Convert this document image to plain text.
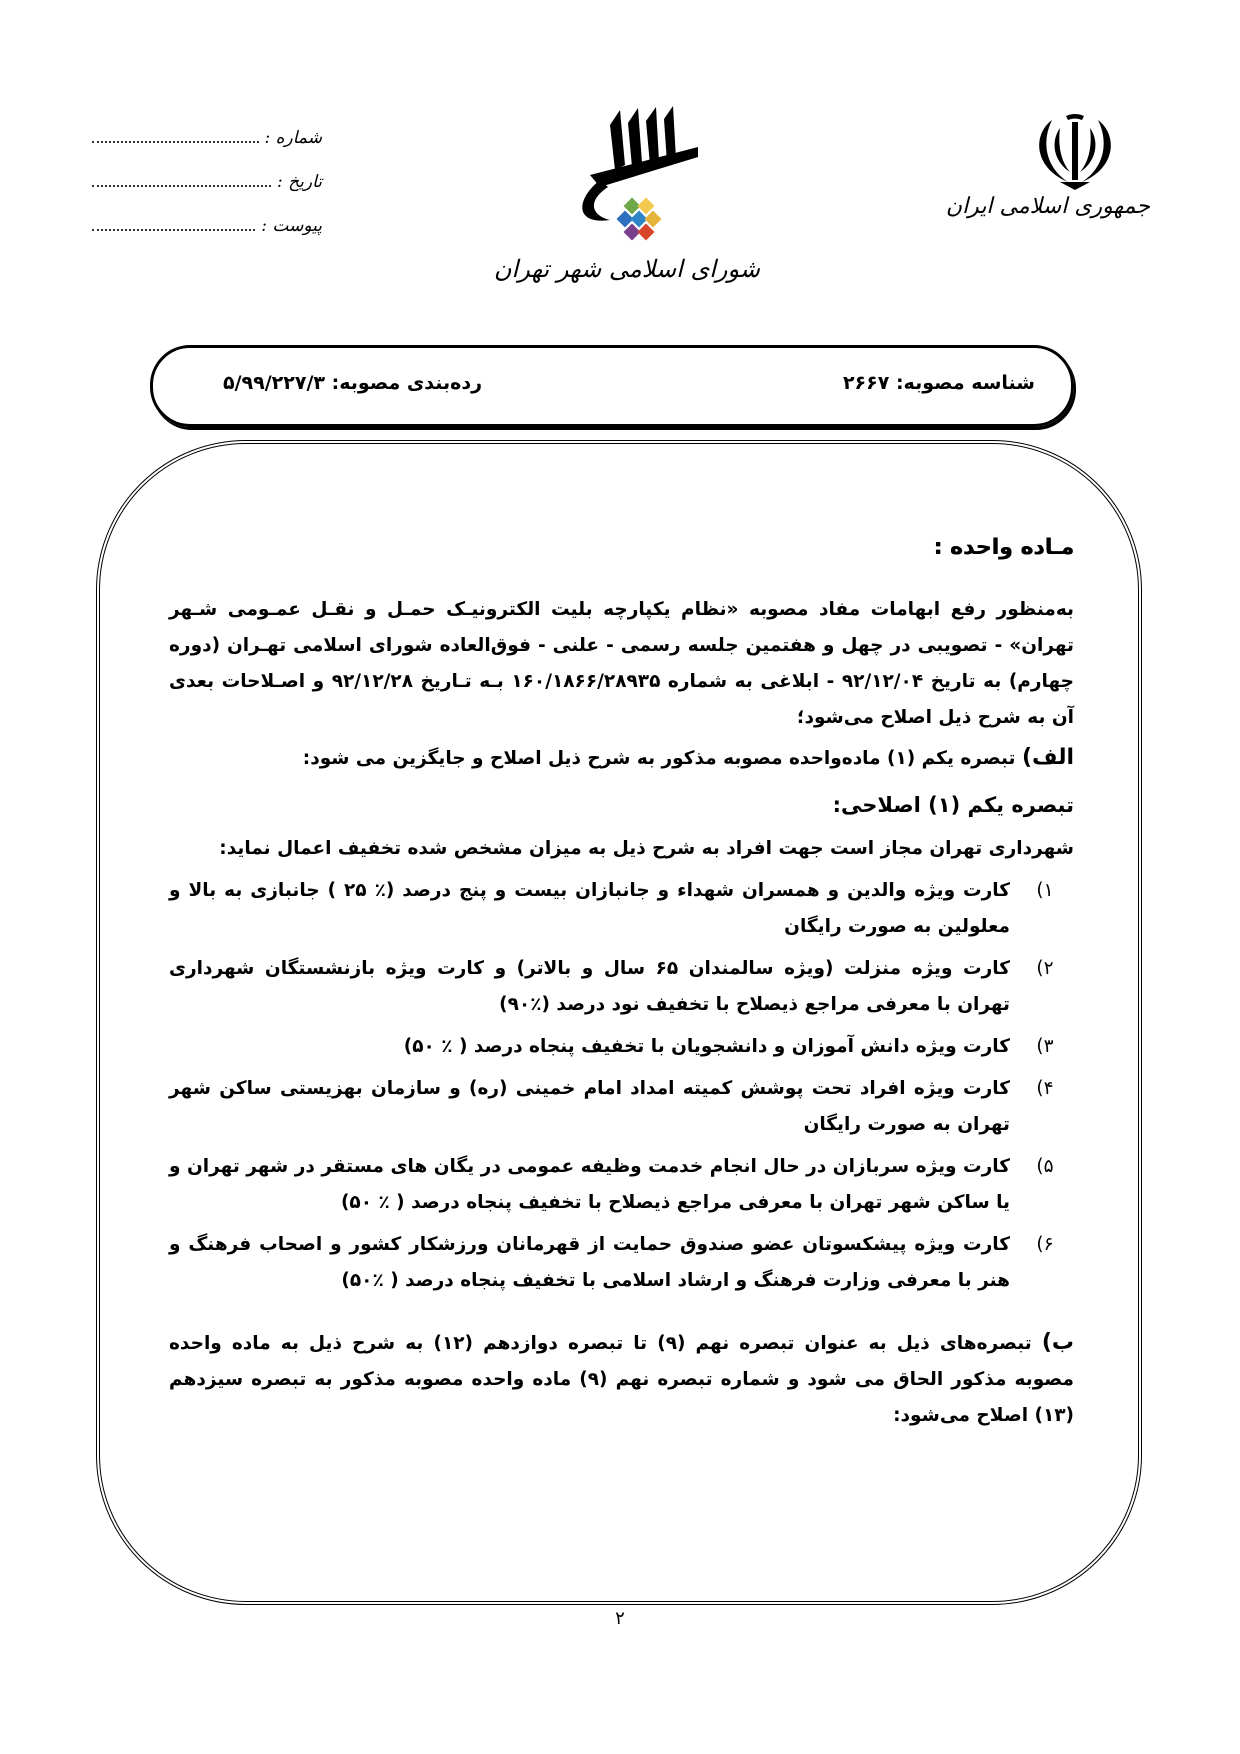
جمهوری اسلامی ایران
شورای اسلامی شهر تهران
شماره :
تاریخ :
پیوست :
شناسه مصوبه: ۲۶۶۷
رده‌بندی مصوبه: ۵/۹۹/۲۲۷/۳
مـاده واحده :

به‌منظور رفع ابهامات مفاد مصوبه «نظام یکپارچه بلیت الکترونیـک حمـل و نقـل عمـومی شـهر تهران» - تصویبی در چهل و هفتمین جلسه رسمی - علنی - فوق‌العاده شورای اسلامی تهـران (دوره چهارم) به تاریخ ۹۲/۱۲/۰۴ - ابلاغی به شماره ۱۶۰/۱۸۶۶/۲۸۹۳۵ بـه تـاریخ ۹۲/۱۲/۲۸ و اصـلاحات بعدی آن به شرح ذیل اصلاح می‌شود؛

الف) تبصره یکم (۱) ماده‌واحده مصوبه مذکور به شرح ذیل اصلاح و جایگزین می شود:

تبصره یکم (۱) اصلاحی:
شهرداری تهران مجاز است جهت افراد به شرح ذیل به میزان مشخص شده تخفیف اعمال نماید:
۱)
کارت ویژه والدین و همسران شهداء و جانبازان بیست و پنج درصد (٪ ۲۵ ) جانبازی به بالا و معلولین به صورت رایگان
۲)
کارت ویژه منزلت (ویژه سالمندان ۶۵ سال و بالاتر) و کارت ویژه بازنشستگان شهرداری تهران با معرفی مراجع ذیصلاح با تخفیف نود درصد (٪۹۰)
۳)
کارت ویژه دانش آموزان و دانشجویان با تخفیف پنجاه درصد ( ٪ ۵۰)
۴)
کارت ویژه افراد تحت پوشش کمیته امداد امام خمینی (ره) و سازمان بهزیستی ساکن شهر تهران به صورت رایگان
۵)
کارت ویژه سربازان در حال انجام خدمت وظیفه عمومی در یگان های مستقر در شهر تهران و یا ساکن شهر تهران با معرفی مراجع ذیصلاح با تخفیف پنجاه درصد ( ٪ ۵۰)
۶)
کارت ویژه پیشکسوتان عضو صندوق حمایت از قهرمانان ورزشکار کشور و اصحاب فرهنگ و هنر با معرفی وزارت فرهنگ و ارشاد اسلامی با تخفیف پنجاه درصد ( ٪۵۰)

ب) تبصره‌های ذیل به عنوان تبصره نهم (۹) تا تبصره دوازدهم (۱۲) به شرح ذیل به ماده واحده مصوبه مذکور الحاق می شود و شماره تبصره نهم (۹) ماده واحده مصوبه مذکور به تبصره سیزدهم (۱۳) اصلاح می‌شود:

۲
